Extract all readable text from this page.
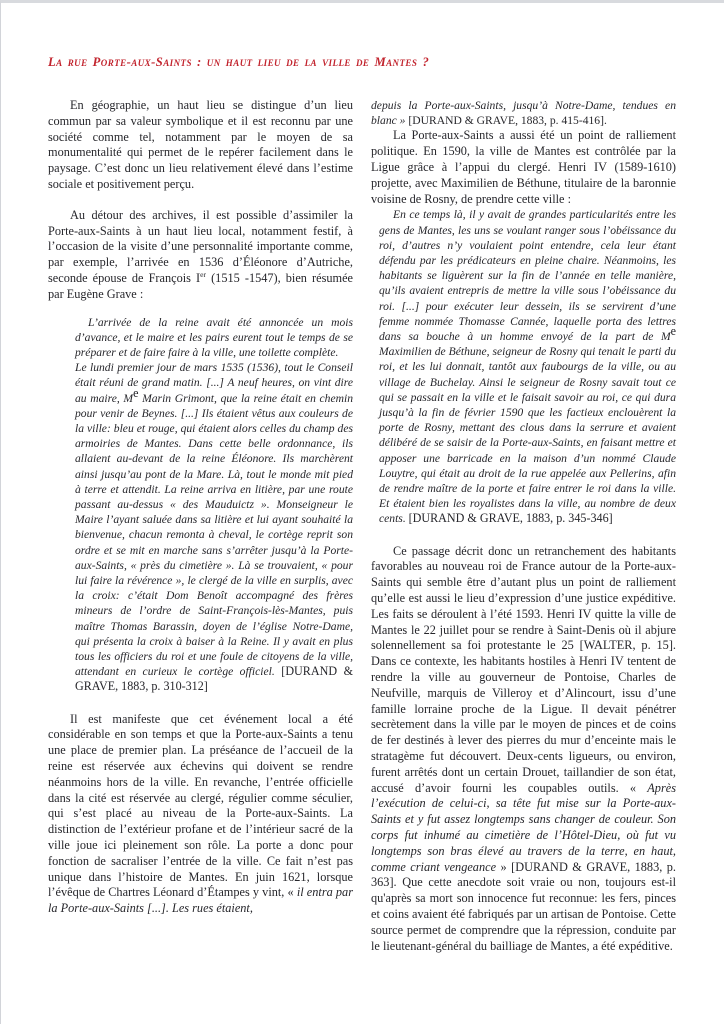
La rue Porte-aux-Saints : un haut lieu de la ville de Mantes ?

En géographie, un haut lieu se distingue d’un lieu commun par sa valeur symbolique et il est reconnu par une société comme tel, notamment par le moyen de sa monumentalité qui permet de le repérer facilement dans le paysage. C’est donc un lieu relativement élevé dans l’estime sociale et positivement perçu.

Au détour des archives, il est possible d’assimiler la Porte-aux-Saints à un haut lieu local, notamment festif, à l’occasion de la visite d’une personnalité importante comme, par exemple, l’arrivée en 1536 d’Éléonore d’Autriche, seconde épouse de François Ier (1515 -1547), bien résumée par Eugène Grave :

L’arrivée de la reine avait été annoncée un mois d’avance, et le maire et les pairs eurent tout le temps de se préparer et de faire faire à la ville, une toilette complète.

Le lundi premier jour de mars 1535 (1536), tout le Conseil était réuni de grand matin. [...] A neuf heures, on vint dire au maire, Me Marin Grimont, que la reine était en chemin pour venir de Beynes. [...] Ils étaient vêtus aux couleurs de la ville: bleu et rouge, qui étaient alors celles du champ des armoiries de Mantes. Dans cette belle ordonnance, ils allaient au-devant de la reine Éléonore. Ils marchèrent ainsi jusqu’au pont de la Mare. Là, tout le monde mit pied à terre et attendit. La reine arriva en litière, par une route passant au-dessus « des Mauduictz ». Monseigneur le Maire l’ayant saluée dans sa litière et lui ayant souhaité la bienvenue, chacun remonta à cheval, le cortège reprit son ordre et se mit en marche sans s’arrêter jusqu’à la Porte-aux-Saints, « près du cimetière ». Là se trouvaient, « pour lui faire la révérence », le clergé de la ville en surplis, avec la croix: c’était Dom Benoît accompagné des frères mineurs de l’ordre de Saint-François-lès-Mantes, puis maître Thomas Barassin, doyen de l’église Notre-Dame, qui présenta la croix à baiser à la Reine. Il y avait en plus tous les officiers du roi et une foule de citoyens de la ville, attendant en curieux le cortège officiel. [DURAND & GRAVE, 1883, p. 310-312]

Il est manifeste que cet événement local a été considérable en son temps et que la Porte-aux-Saints a tenu une place de premier plan. La préséance de l’accueil de la reine est réservée aux échevins qui doivent se rendre néanmoins hors de la ville. En revanche, l’entrée officielle dans la cité est réservée au clergé, régulier comme séculier, qui s’est placé au niveau de la Porte-aux-Saints. La distinction de l’extérieur profane et de l’intérieur sacré de la ville joue ici pleinement son rôle. La porte a donc pour fonction de sacraliser l’entrée de la ville. Ce fait n’est pas unique dans l’histoire de Mantes. En juin 1621, lorsque l’évêque de Chartres Léonard d’Étampes y vint, « il entra par la Porte-aux-Saints [...]. Les rues étaient,

depuis la Porte-aux-Saints, jusqu’à Notre-Dame, tendues en blanc » [DURAND & GRAVE, 1883, p. 415-416].

La Porte-aux-Saints a aussi été un point de ralliement politique. En 1590, la ville de Mantes est contrôlée par la Ligue grâce à l’appui du clergé. Henri IV (1589-1610) projette, avec Maximilien de Béthune, titulaire de la baronnie voisine de Rosny, de prendre cette ville :

En ce temps là, il y avait de grandes particularités entre les gens de Mantes, les uns se voulant ranger sous l’obéissance du roi, d’autres n’y voulaient point entendre, cela leur étant défendu par les prédicateurs en pleine chaire. Néanmoins, les habitants se liguèrent sur la fin de l’année en telle manière, qu’ils avaient entrepris de mettre la ville sous l’obéissance du roi. [...] pour exécuter leur dessein, ils se servirent d’une femme nommée Thomasse Cannée, laquelle porta des lettres dans sa bouche à un homme envoyé de la part de Me Maximilien de Béthune, seigneur de Rosny qui tenait le parti du roi, et les lui donnait, tantôt aux faubourgs de la ville, ou au village de Buchelay. Ainsi le seigneur de Rosny savait tout ce qui se passait en la ville et le faisait savoir au roi, ce qui dura jusqu’à la fin de février 1590 que les factieux enclouèrent la porte de Rosny, mettant des clous dans la serrure et avaient délibéré de se saisir de la Porte-aux-Saints, en faisant mettre et apposer une barricade en la maison d’un nommé Claude Louytre, qui était au droit de la rue appelée aux Pellerins, afin de rendre maître de la porte et faire entrer le roi dans la ville. Et étaient bien les royalistes dans la ville, au nombre de deux cents. [DURAND & GRAVE, 1883, p. 345-346]

Ce passage décrit donc un retranchement des habitants favorables au nouveau roi de France autour de la Porte-aux-Saints qui semble être d’autant plus un point de ralliement qu’elle est aussi le lieu d’expression d’une justice expéditive. Les faits se déroulent à l’été 1593. Henri IV quitte la ville de Mantes le 22 juillet pour se rendre à Saint-Denis où il abjure solennellement sa foi protestante le 25 [WALTER, p. 15]. Dans ce contexte, les habitants hostiles à Henri IV tentent de rendre la ville au gouverneur de Pontoise, Charles de Neufville, marquis de Villeroy et d’Alincourt, issu d’une famille lorraine proche de la Ligue. Il devait pénétrer secrètement dans la ville par le moyen de pinces et de coins de fer destinés à lever des pierres du mur d’enceinte mais le stratagème fut découvert. Deux-cents ligueurs, ou environ, furent arrêtés dont un certain Drouet, taillandier de son état, accusé d’avoir fourni les coupables outils. « Après l’exécution de celui-ci, sa tête fut mise sur la Porte-aux-Saints et y fut assez longtemps sans changer de couleur. Son corps fut inhumé au cimetière de l’Hôtel-Dieu, où fut vu longtemps son bras élevé au travers de la terre, en haut, comme criant vengeance » [DURAND & GRAVE, 1883, p. 363]. Que cette anecdote soit vraie ou non, toujours est-il qu'après sa mort son innocence fut reconnue: les fers, pinces et coins avaient été fabriqués par un artisan de Pontoise. Cette source permet de comprendre que la répression, conduite par le lieutenant-général du bailliage de Mantes, a été expéditive.
